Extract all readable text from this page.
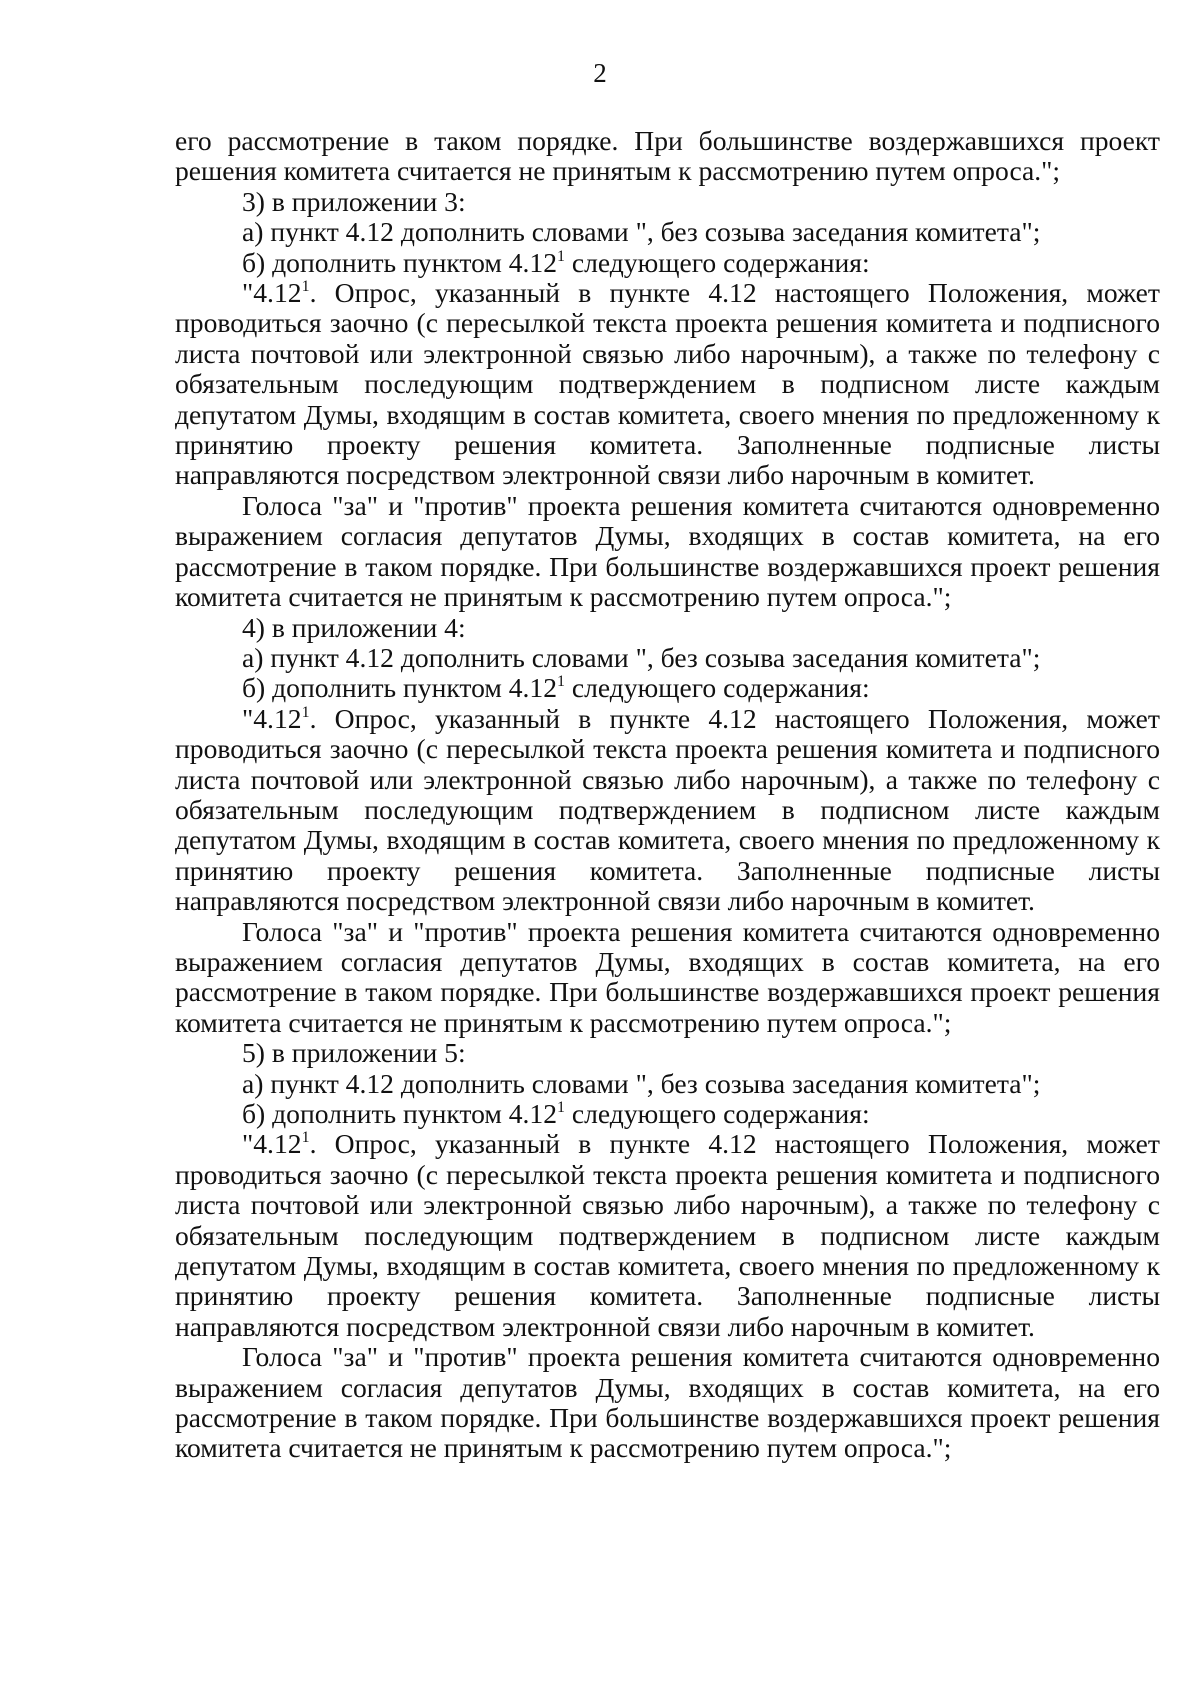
2

его рассмотрение в таком порядке. При большинстве воздержавшихся проект решения комитета считается не принятым к рассмотрению путем опроса.";

3) в приложении 3:

а) пункт 4.12 дополнить словами ", без созыва заседания комитета";

б) дополнить пунктом 4.12$^1$ следующего содержания:

"4.12$^1$. Опрос, указанный в пункте 4.12 настоящего Положения, может проводиться заочно (с пересылкой текста проекта решения комитета и подписного листа почтовой или электронной связью либо нарочным), а также по телефону с обязательным последующим подтверждением в подписном листе каждым депутатом Думы, входящим в состав комитета, своего мнения по предложенному к принятию проекту решения комитета. Заполненные подписные листы направляются посредством электронной связи либо нарочным в комитет.

Голоса "за" и "против" проекта решения комитета считаются одновременно выражением согласия депутатов Думы, входящих в состав комитета, на его рассмотрение в таком порядке. При большинстве воздержавшихся проект решения комитета считается не принятым к рассмотрению путем опроса.";

4) в приложении 4:

а) пункт 4.12 дополнить словами ", без созыва заседания комитета";

б) дополнить пунктом 4.12$^1$ следующего содержания:

"4.12$^1$. Опрос, указанный в пункте 4.12 настоящего Положения, может проводиться заочно (с пересылкой текста проекта решения комитета и подписного листа почтовой или электронной связью либо нарочным), а также по телефону с обязательным последующим подтверждением в подписном листе каждым депутатом Думы, входящим в состав комитета, своего мнения по предложенному к принятию проекту решения комитета. Заполненные подписные листы направляются посредством электронной связи либо нарочным в комитет.

Голоса "за" и "против" проекта решения комитета считаются одновременно выражением согласия депутатов Думы, входящих в состав комитета, на его рассмотрение в таком порядке. При большинстве воздержавшихся проект решения комитета считается не принятым к рассмотрению путем опроса.";

5) в приложении 5:

а) пункт 4.12 дополнить словами ", без созыва заседания комитета";

б) дополнить пунктом 4.12$^1$ следующего содержания:

"4.12$^1$. Опрос, указанный в пункте 4.12 настоящего Положения, может проводиться заочно (с пересылкой текста проекта решения комитета и подписного листа почтовой или электронной связью либо нарочным), а также по телефону с обязательным последующим подтверждением в подписном листе каждым депутатом Думы, входящим в состав комитета, своего мнения по предложенному к принятию проекту решения комитета. Заполненные подписные листы направляются посредством электронной связи либо нарочным в комитет.

Голоса "за" и "против" проекта решения комитета считаются одновременно выражением согласия депутатов Думы, входящих в состав комитета, на его рассмотрение в таком порядке. При большинстве воздержавшихся проект решения комитета считается не принятым к рассмотрению путем опроса.";
